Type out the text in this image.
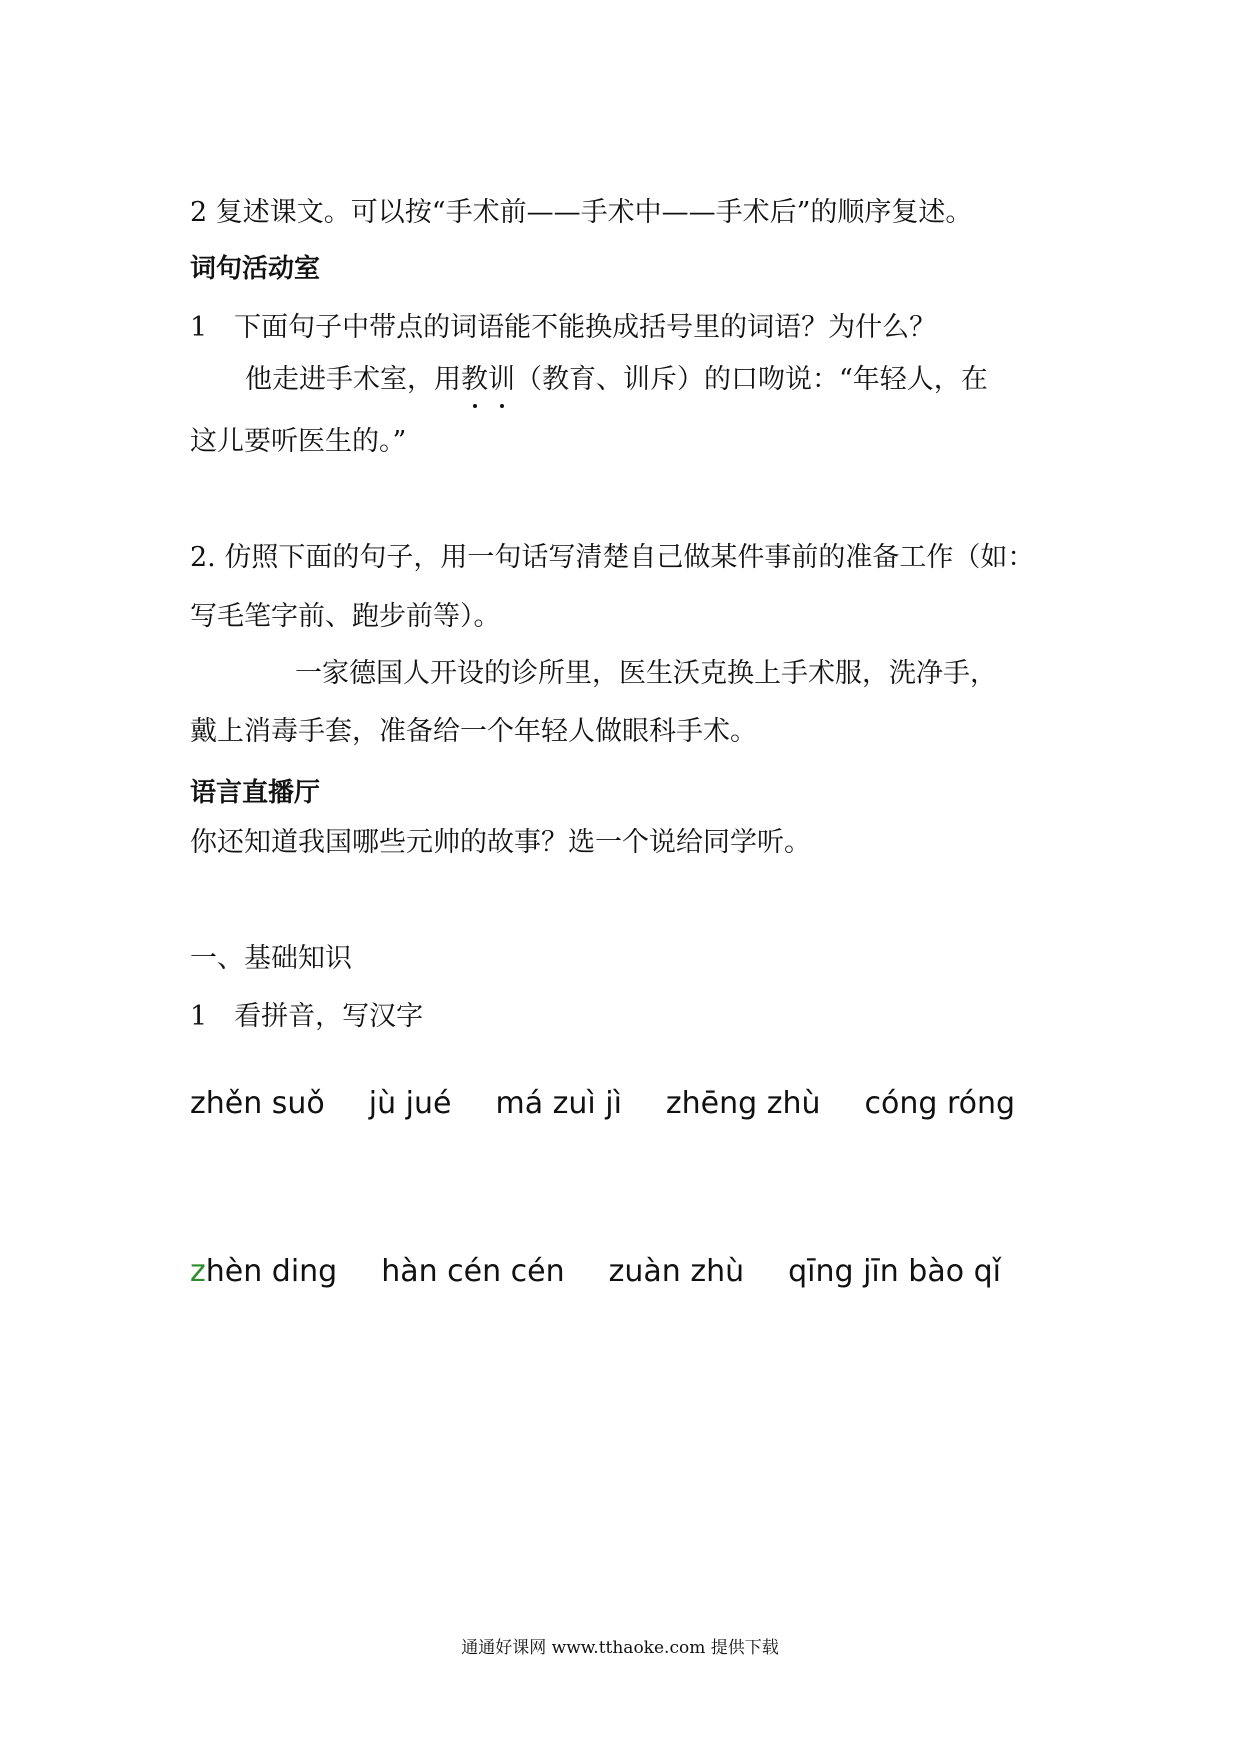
2 复述课文。可以按“手术前——手术中——手术后”的顺序复述。
词句活动室
1　下面句子中带点的词语能不能换成括号里的词语？为什么？
他走进手术室，用教
训
（教育、训斥）的口吻说：“年轻人，在
这儿要听医生的。”
2. 仿照下面的句子，用一句话写清楚自己做某件事前的准备工作（如：
写毛笔字前、跑步前等）。
一家德国人开设的诊所里，医生沃克换上手术服，洗净手，
戴上消毒手套，准备给一个年轻人做眼科手术。
语言直播厅
你还知道我国哪些元帅的故事？选一个说给同学听。
一、基础知识
1　看拼音，写汉字
zhěn suǒ jù jué má zuì jì zhēng zhù cóng róng
zhèn ding hàn cén cén zuàn zhù qīng jīn bào qǐ
通通好课网 www.tthaoke.com 提供下载
